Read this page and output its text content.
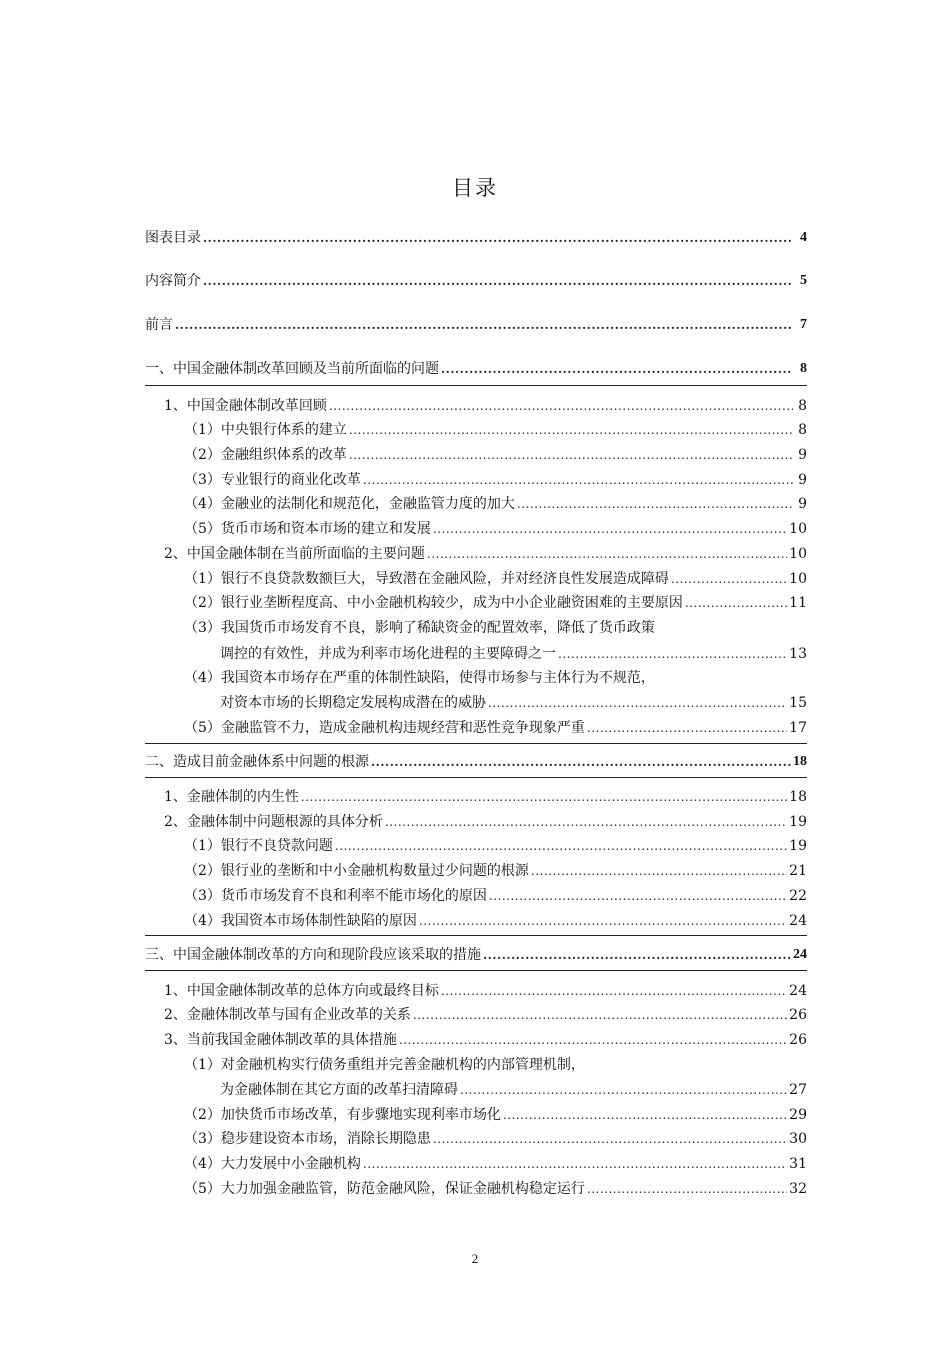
目录
图表目录 .....	4
内容简介 .....	5
前言 .....	7
一、中国金融体制改革回顾及当前所面临的问题 .....	8
1、中国金融体制改革回顾 .....	8
（1）中央银行体系的建立 .....	8
（2）金融组织体系的改革 .....	9
（3）专业银行的商业化改革 .....	9
（4）金融业的法制化和规范化，金融监管力度的加大 .....	9
（5）货币市场和资本市场的建立和发展 .....	10
2、中国金融体制在当前所面临的主要问题 .....	10
（1）银行不良贷款数额巨大，导致潜在金融风险，并对经济良性发展造成障碍 .....	10
（2）银行业垄断程度高、中小金融机构较少，成为中小企业融资困难的主要原因 .....	11
（3）我国货币市场发育不良，影响了稀缺资金的配置效率，降低了货币政策
调控的有效性，并成为利率市场化进程的主要障碍之一 .....	13
（4）我国资本市场存在严重的体制性缺陷，使得市场参与主体行为不规范，
对资本市场的长期稳定发展构成潜在的威胁 .....	15
（5）金融监管不力，造成金融机构违规经营和恶性竞争现象严重 .....	17
二、造成目前金融体系中问题的根源 .....	18
1、金融体制的内生性 .....	18
2、金融体制中问题根源的具体分析 .....	19
（1）银行不良贷款问题 .....	19
（2）银行业的垄断和中小金融机构数量过少问题的根源 .....	21
（3）货币市场发育不良和利率不能市场化的原因 .....	22
（4）我国资本市场体制性缺陷的原因 .....	24
三、中国金融体制改革的方向和现阶段应该采取的措施 .....	24
1、中国金融体制改革的总体方向或最终目标 .....	24
2、金融体制改革与国有企业改革的关系 .....	26
3、当前我国金融体制改革的具体措施 .....	26
（1）对金融机构实行债务重组并完善金融机构的内部管理机制，
为金融体制在其它方面的改革扫清障碍 .....	27
（2）加快货币市场改革，有步骤地实现利率市场化 .....	29
（3）稳步建设资本市场，消除长期隐患 .....	30
（4）大力发展中小金融机构 .....	31
（5）大力加强金融监管，防范金融风险，保证金融机构稳定运行 .....	32
2
